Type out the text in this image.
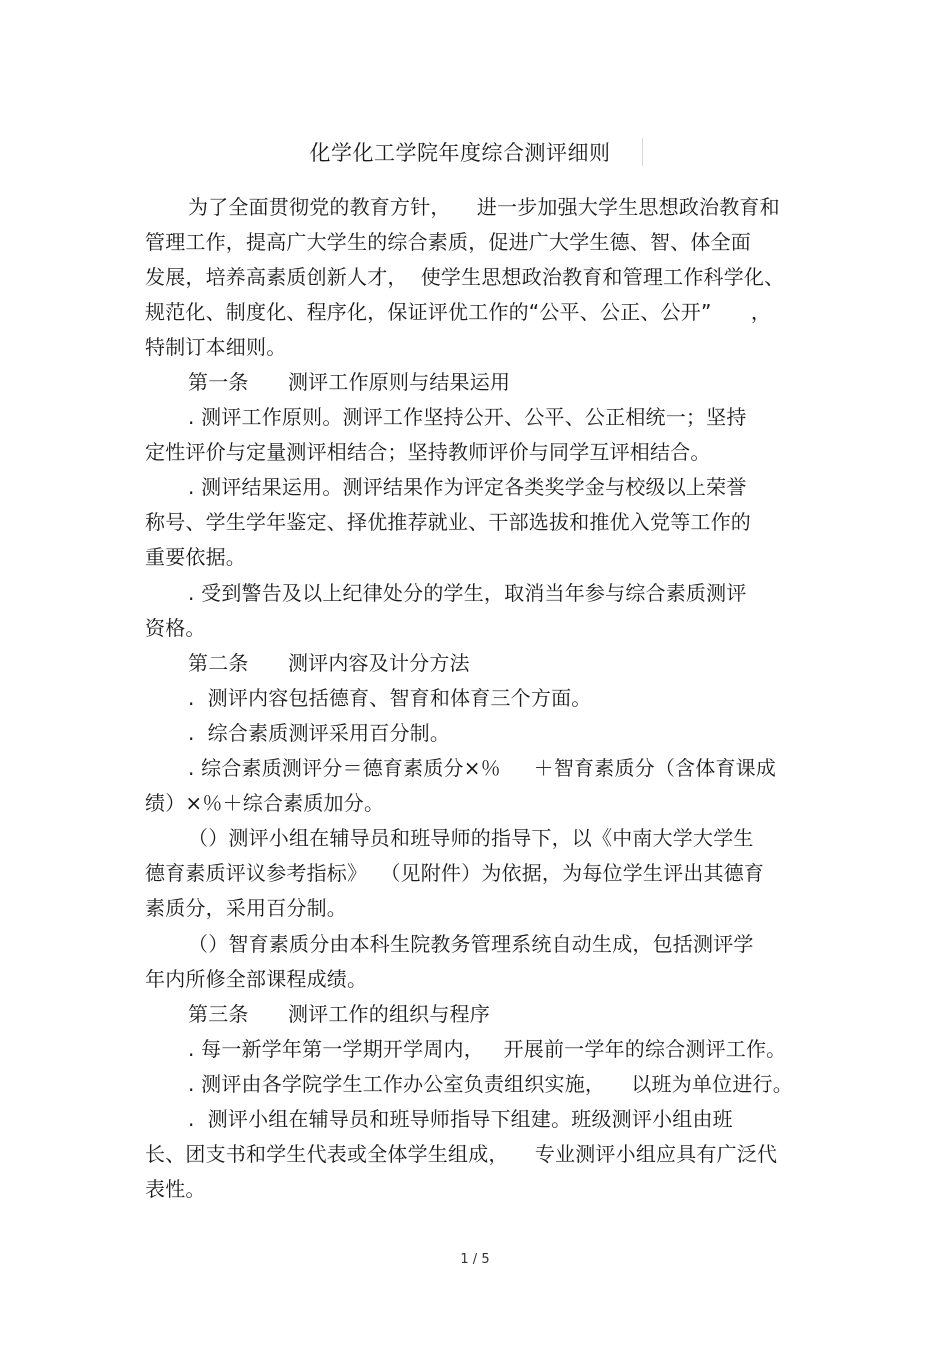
化学化工学院年度综合测评细则
为了全面贯彻党的教育方针，    进一步加强大学生思想政治教育和
管理工作，提高广大学生的综合素质，促进广大学生德、智、体全面
发展，培养高素质创新人才，  使学生思想政治教育和管理工作科学化、
规范化、制度化、程序化，保证评优工作的“公平、公正、公开”      ，
特制订本细则。
第一条      测评工作原则与结果运用
. 测评工作原则。测评工作坚持公开、公平、公正相统一；坚持
定性评价与定量测评相结合；坚持教师评价与同学互评相结合。
. 测评结果运用。测评结果作为评定各类奖学金与校级以上荣誉
称号、学生学年鉴定、择优推荐就业、干部选拔和推优入党等工作的
重要依据。
. 受到警告及以上纪律处分的学生，取消当年参与综合素质测评
资格。
第二条      测评内容及计分方法
.  测评内容包括德育、智育和体育三个方面。
.  综合素质测评采用百分制。
. 综合素质测评分＝德育素质分×％     ＋智育素质分（含体育课成
绩）×％＋综合素质加分。
（）测评小组在辅导员和班导师的指导下，以《中南大学大学生
德育素质评议参考指标》  （见附件）为依据，为每位学生评出其德育
素质分，采用百分制。
（）智育素质分由本科生院教务管理系统自动生成，包括测评学
年内所修全部课程成绩。
第三条      测评工作的组织与程序
. 每一新学年第一学期开学周内，   开展前一学年的综合测评工作。
. 测评由各学院学生工作办公室负责组织实施，    以班为单位进行。
.  测评小组在辅导员和班导师指导下组建。班级测评小组由班
长、团支书和学生代表或全体学生组成，    专业测评小组应具有广泛代
表性。
1 / 5
